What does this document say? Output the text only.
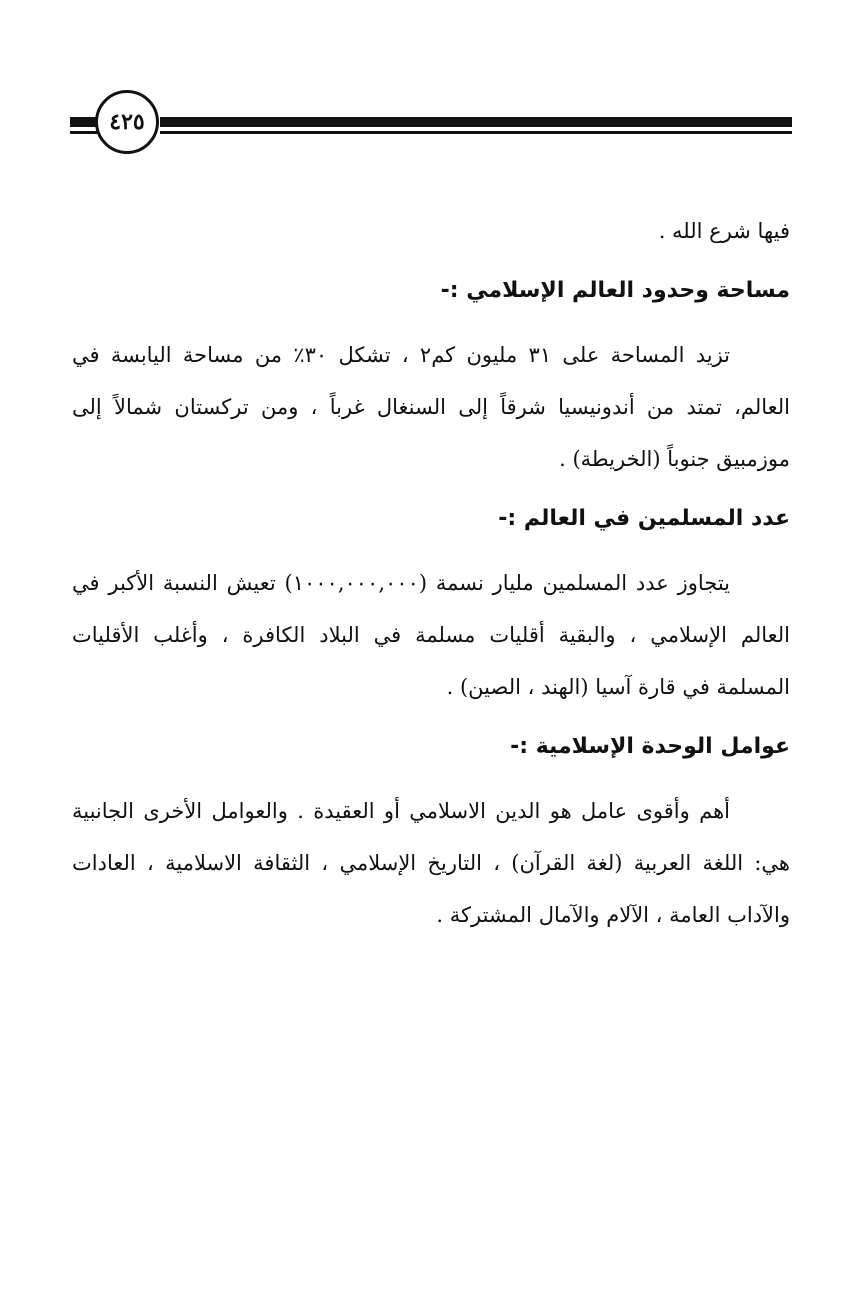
٤٢٥

فيها شرع الله .

مساحة وحدود العالم الإسلامي :-

تزيد المساحة على ٣١ مليون كم٢ ، تشكل ٣٠٪ من مساحة اليابسة في العالم، تمتد من أندونيسيا شرقاً إلى السنغال غرباً ، ومن تركستان شمالاً إلى موزمبيق جنوباً (الخريطة) .

عدد المسلمين في العالم :-

يتجاوز عدد المسلمين مليار نسمة (١٠٠٠,٠٠٠,٠٠٠) تعيش النسبة الأكبر في العالم الإسلامي ، والبقية أقليات مسلمة في البلاد الكافرة ، وأغلب الأقليات المسلمة في قارة آسيا (الهند ، الصين) .

عوامل الوحدة الإسلامية :-

أهم وأقوى عامل هو الدين الاسلامي أو العقيدة . والعوامل الأخرى الجانبية هي: اللغة العربية (لغة القرآن) ، التاريخ الإسلامي ، الثقافة الاسلامية ، العادات والآداب العامة ، الآلام والآمال المشتركة .
